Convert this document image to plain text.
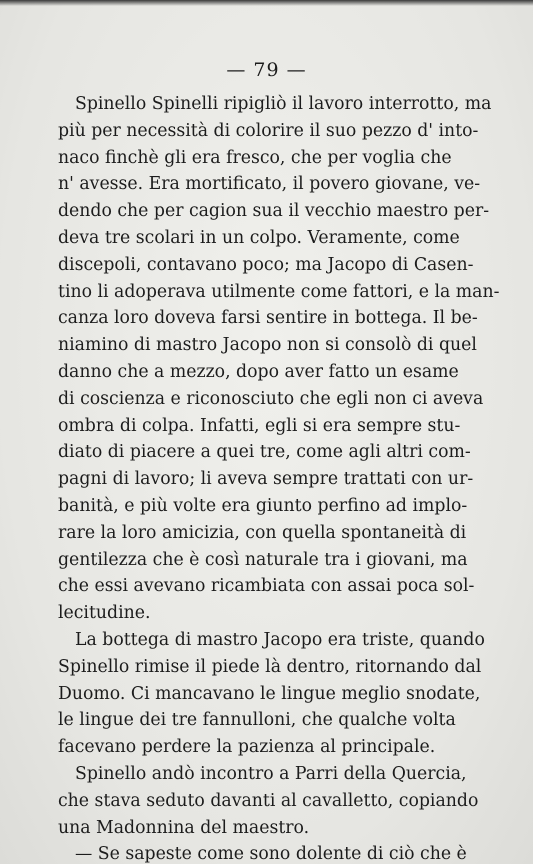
— 79 —
Spinello Spinelli ripigliò il lavoro interrotto, ma
più per necessità di colorire il suo pezzo d' into-
naco finchè gli era fresco, che per voglia che
n' avesse. Era mortificato, il povero giovane, ve-
dendo che per cagion sua il vecchio maestro per-
deva tre scolari in un colpo. Veramente, come
discepoli, contavano poco; ma Jacopo di Casen-
tino li adoperava utilmente come fattori, e la man-
canza loro doveva farsi sentire in bottega. Il be-
niamino di mastro Jacopo non si consolò di quel
danno che a mezzo, dopo aver fatto un esame
di coscienza e riconosciuto che egli non ci aveva
ombra di colpa. Infatti, egli si era sempre stu-
diato di piacere a quei tre, come agli altri com-
pagni di lavoro; li aveva sempre trattati con ur-
banità, e più volte era giunto perfino ad implo-
rare la loro amicizia, con quella spontaneità di
gentilezza che è così naturale tra i giovani, ma
che essi avevano ricambiata con assai poca sol-
lecitudine.
La bottega di mastro Jacopo era triste, quando
Spinello rimise il piede là dentro, ritornando dal
Duomo. Ci mancavano le lingue meglio snodate,
le lingue dei tre fannulloni, che qualche volta
facevano perdere la pazienza al principale.
Spinello andò incontro a Parri della Quercia,
che stava seduto davanti al cavalletto, copiando
una Madonnina del maestro.
— Se sapeste come sono dolente di ciò che è
